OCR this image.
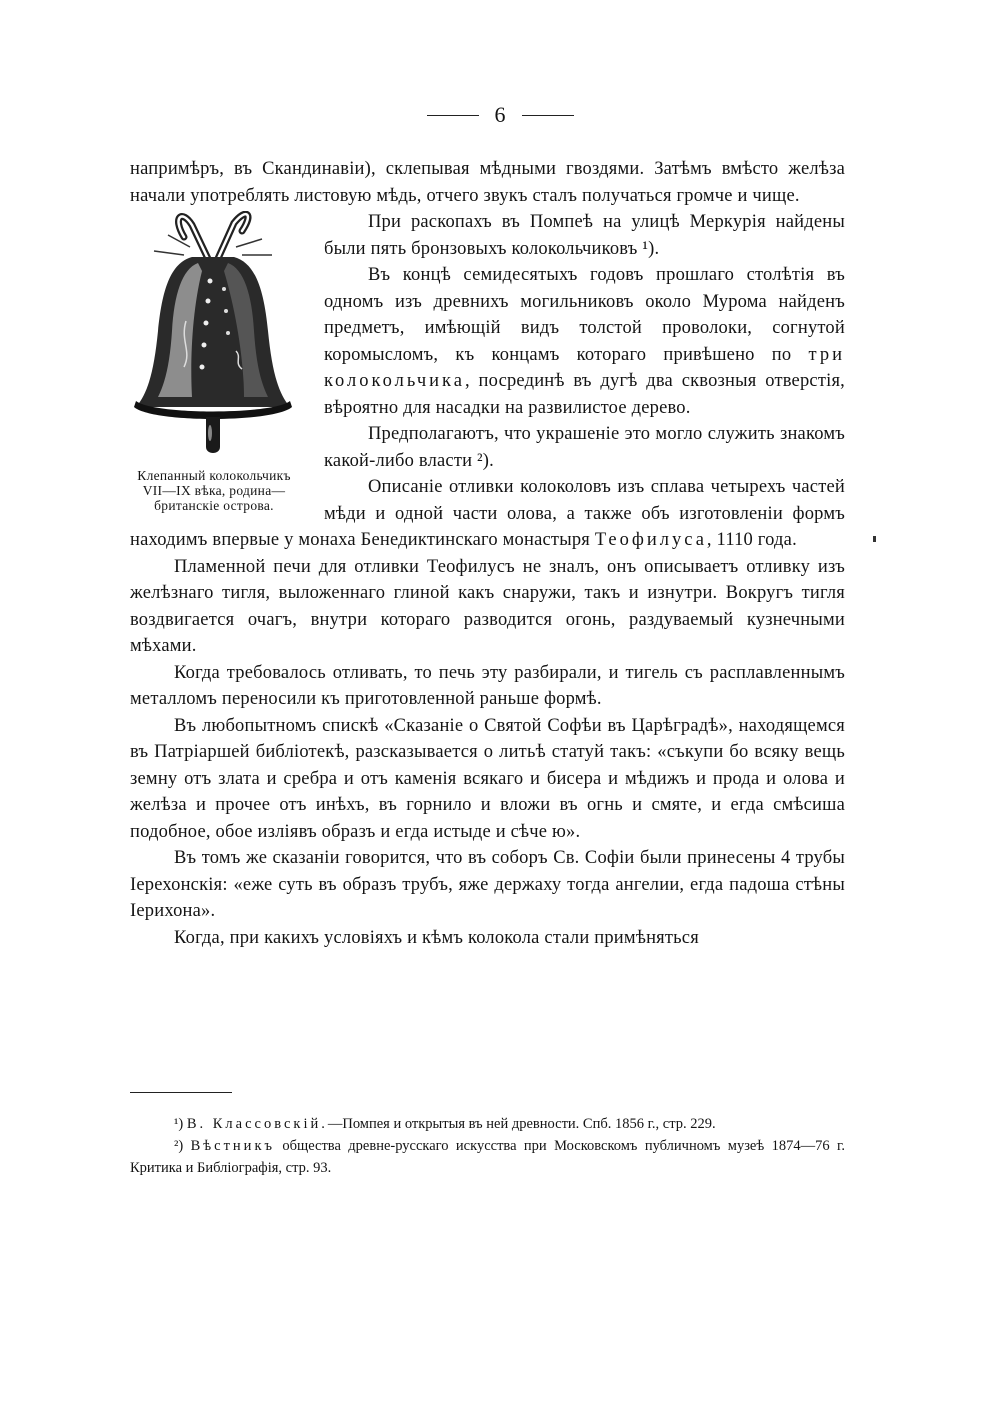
6

напримѣръ, въ Скандинавіи), склепывая мѣдными гвоздями. Затѣмъ вмѣсто желѣза начали употреблять листовую мѣдь, отчего звукъ сталъ получаться громче и чище.

Клепанный колокольчикъ VII—IX вѣка, родина—британскіе острова.

При раскопахъ въ Помпеѣ на улицѣ Меркурія найдены были пять бронзовыхъ колокольчиковъ ¹).

Въ концѣ семидесятыхъ годовъ прошлаго столѣтія въ одномъ изъ древнихъ могильниковъ около Мурома найденъ предметъ, имѣющій видъ толстой проволоки, согнутой коромысломъ, къ концамъ котораго привѣшено по три колокольчика, посрединѣ въ дугѣ два сквозныя отверстія, вѣроятно для насадки на развилистое дерево.

Предполагаютъ, что украшеніе это могло служить знакомъ какой-либо власти ²).

Описаніе отливки колоколовъ изъ сплава четырехъ частей мѣди и одной части олова, а также объ изготовленіи формъ находимъ впервые у монаха Бенедиктинскаго монастыря Теофилуса, 1110 года.

Пламенной печи для отливки Теофилусъ не зналъ, онъ описываетъ отливку изъ желѣзнаго тигля, выложеннаго глиной какъ снаружи, такъ и изнутри. Вокругъ тигля воздвигается очагъ, внутри котораго разводится огонь, раздуваемый кузнечными мѣхами.

Когда требовалось отливать, то печь эту разбирали, и тигель съ расплавленнымъ металломъ переносили къ приготовленной раньше формѣ.

Въ любопытномъ спискѣ «Сказаніе о Святой Софѣи въ Царѣградѣ», находящемся въ Патріаршей библіотекѣ, разсказывается о литьѣ статуй такъ: «съкупи бо всяку вещь земну отъ злата и сребра и отъ каменія всякаго и бисера и мѣдижъ и прода и олова и желѣза и прочее отъ инѣхъ, въ горнило и вложи въ огнь и смяте, и егда смѣсиша подобное, обое изліявъ образъ и егда истыде и сѣче ю».

Въ томъ же сказаніи говорится, что въ соборъ Св. Софіи были принесены 4 трубы Іерехонскія: «еже суть въ образъ трубъ, яже держаху тогда ангелии, егда падоша стѣны Іерихона».

Когда, при какихъ условіяхъ и кѣмъ колокола стали примѣняться

¹) В. Классовскій.—Помпея и открытыя въ ней древности. Спб. 1856 г., стр. 229.

²) Вѣстникъ общества древне-русскаго искусства при Московскомъ публичномъ музеѣ 1874—76 г. Критика и Библіографія, стр. 93.
